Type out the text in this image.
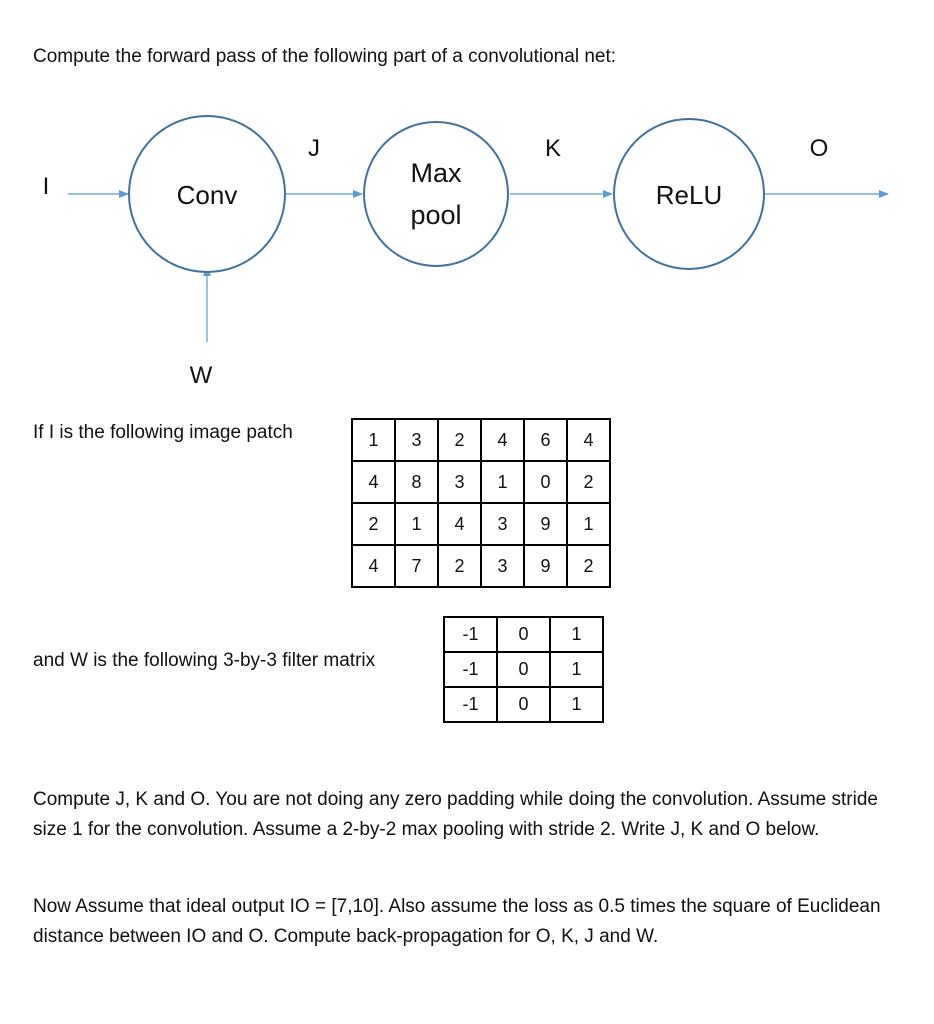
Compute the forward pass of the following part of a convolutional net:
Conv
Max
pool
ReLU
I
J	K	O
W
If I is the following image patch	1	3	2	4	6	4
4	8	3	1	0	2
2	1	4	3	9	1
4	7	2	3	9	2
and W is the following 3-by-3 filter matrix
-1	0	1
-1	0	1
-1	0	1
Compute J, K and O. You are not doing any zero padding while doing the convolution. Assume stride size 1 for the convolution. Assume a 2-by-2 max pooling with stride 2. Write J, K and O below.
Now Assume that ideal output IO = [7,10]. Also assume the loss as 0.5 times the square of Euclidean distance between IO and O. Compute back-propagation for O, K, J and W.
